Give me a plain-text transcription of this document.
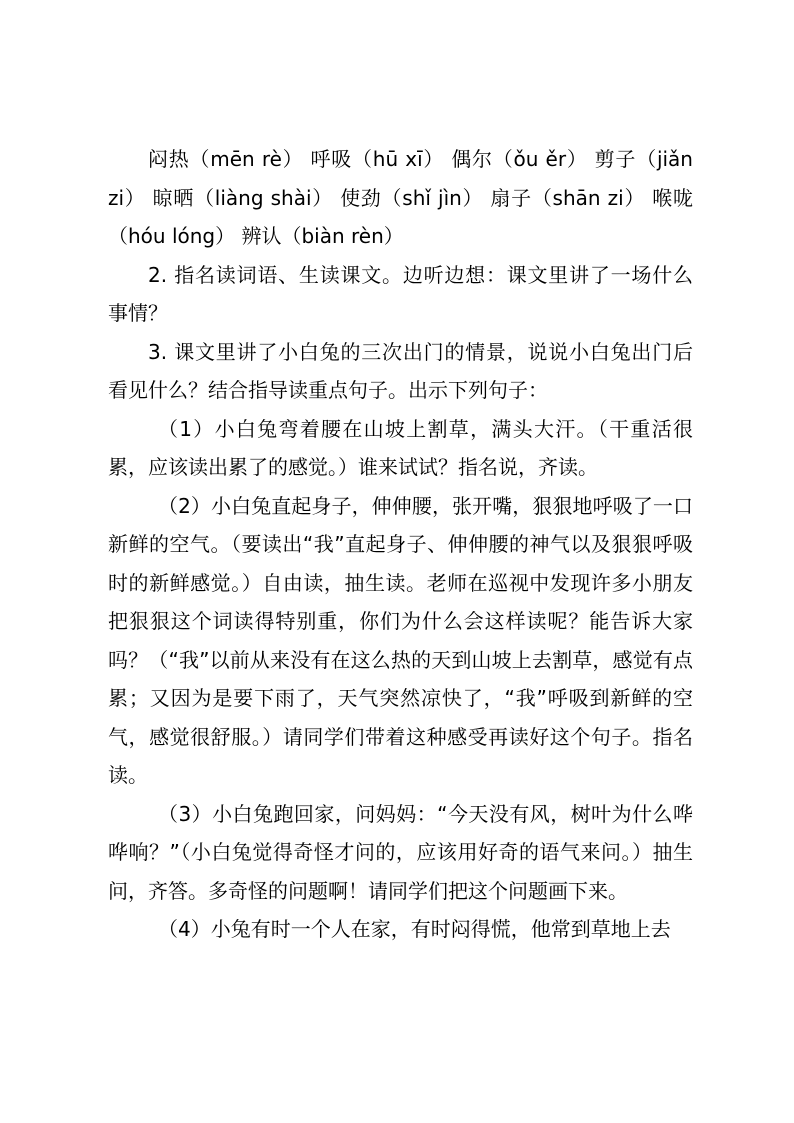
闷热（mēn rè） 呼吸（hū xī） 偶尔（ǒu ěr） 剪子（jiǎn zi） 晾晒（liàng shài） 使劲（shǐ jìn） 扇子（shān zi） 喉咙（hóu lóng） 辨认（biàn rèn）

2. 指名读词语、生读课文。边听边想：课文里讲了一场什么事情？

3. 课文里讲了小白兔的三次出门的情景，说说小白兔出门后看见什么？结合指导读重点句子。出示下列句子：

（1）小白兔弯着腰在山坡上割草，满头大汗。（干重活很累，应该读出累了的感觉。）谁来试试？指名说，齐读。

（2）小白兔直起身子，伸伸腰，张开嘴，狠狠地呼吸了一口新鲜的空气。（要读出“我”直起身子、伸伸腰的神气以及狠狠呼吸时的新鲜感觉。）自由读，抽生读。老师在巡视中发现许多小朋友把狠狠这个词读得特别重，你们为什么会这样读呢？能告诉大家吗？（“我”以前从来没有在这么热的天到山坡上去割草，感觉有点累；又因为是要下雨了，天气突然凉快了，“我”呼吸到新鲜的空气，感觉很舒服。）请同学们带着这种感受再读好这个句子。指名读。

（3）小白兔跑回家，问妈妈：“今天没有风，树叶为什么哗哗响？”（小白兔觉得奇怪才问的，应该用好奇的语气来问。）抽生问，齐答。多奇怪的问题啊！请同学们把这个问题画下来。

（4）小兔有时一个人在家，有时闷得慌，他常到草地上去
